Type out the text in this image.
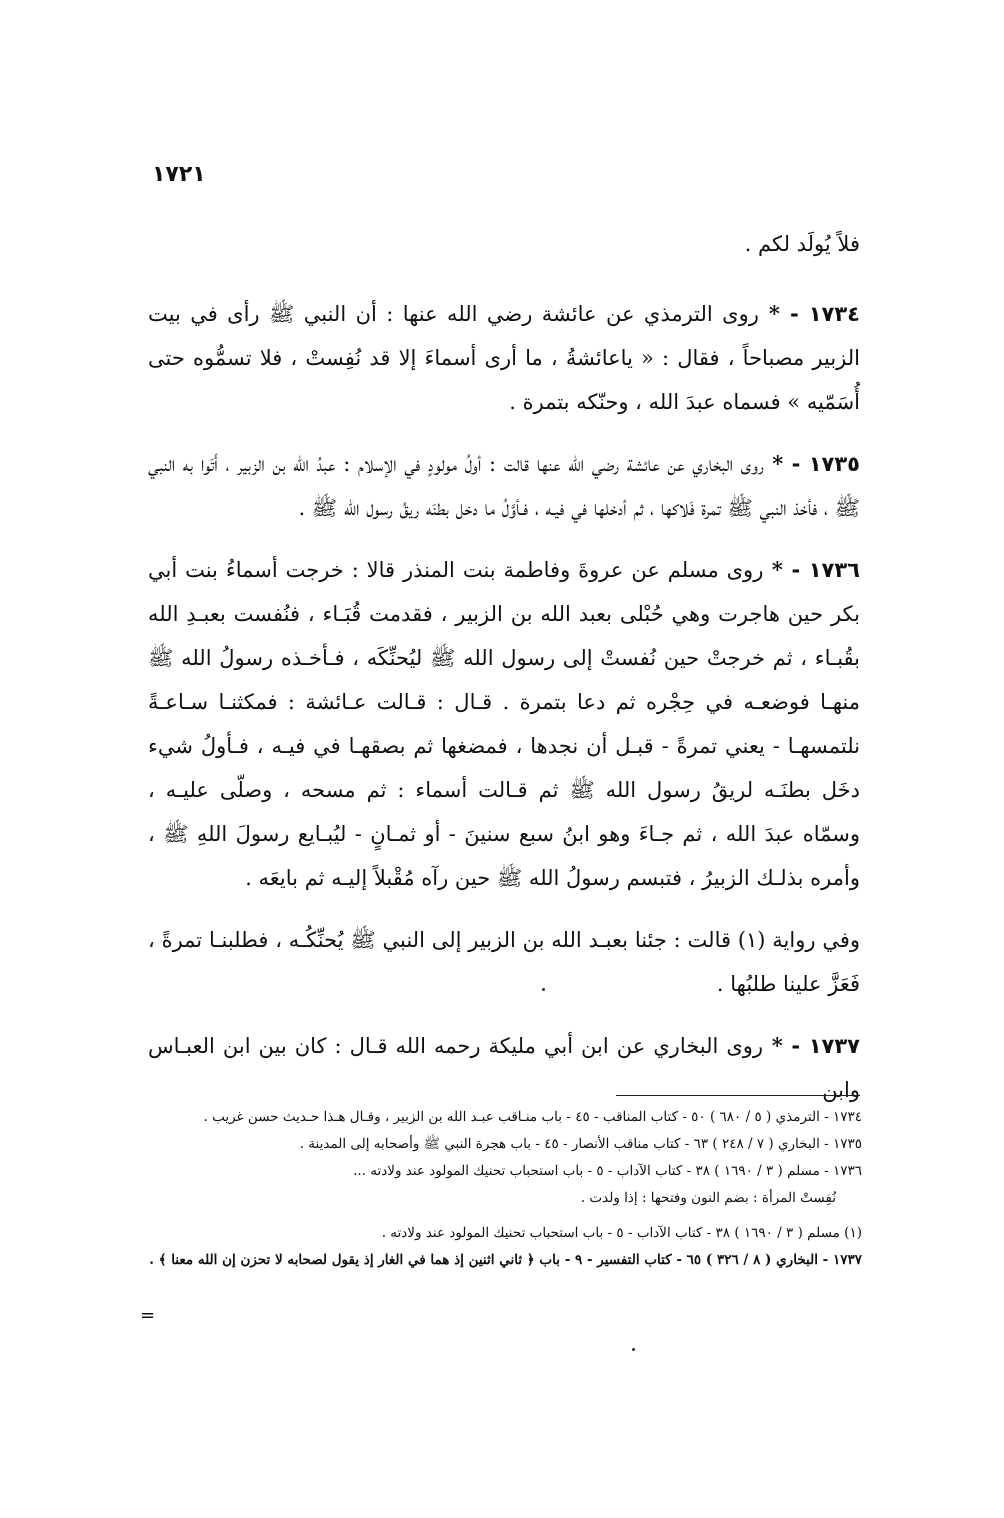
١٧٢١

فلاً يُولَد لكم .

١٧٣٤ - * روى الترمذي عن عائشة رضي الله عنها : أن النبي ﷺ رأى في بيت الزبير مصباحاً ، فقال : « ياعائشةُ ، ما أرى أسماءَ إلا قد نُفِستْ ، فلا تسمُّوه حتى أُسَمّيه » فسماه عبدَ الله ، وحنّكه بتمرة .

١٧٣٥ - * روى البخاري عن عائشة رضي الله عنها قالت : أولُ مولودٍ في الإسلام : عبدُ الله بن الزبير ، أَتَوا به النبي ﷺ ، فأخذ النبي ﷺ تمرة فَلاكها ، ثم أدخلها في فيـه ، فـأوَّلُ ما دخل بطنَه ريقُ رسول الله ﷺ .

١٧٣٦ - * روى مسلم عن عروةَ وفاطمة بنت المنذر قالا : خرجت أسماءُ بنت أبي بكر حين هاجرت وهي حُبْلى بعبد الله بن الزبير ، فقدمت قُبَـاء ، فنُفست بعبـدِ الله بقُبـاء ، ثم خرجتْ حين نُفستْ إلى رسول الله ﷺ ليُحنِّكَه ، فـأخـذه رسولُ الله ﷺ منهـا فوضعـه في حِجْره ثم دعا بتمرة . قـال : قـالت عـائشة : فمكثنـا سـاعـةً نلتمسهـا - يعني تمرةً - قبـل أن نجدها ، فمضغها ثم بصقهـا في فيـه ، فـأولُ شيء دخَل بطنَـه لريقُ رسول الله ﷺ ثم قـالت أسماء : ثم مسحه ، وصلّى عليـه ، وسمّاه عبدَ الله ، ثم جـاءَ وهو ابنُ سبع سنينَ - أو ثمـانٍ - ليُبـايع رسولَ اللهِ ﷺ ، وأمره بذلـك الزبيرُ ، فتبسم رسولُ الله ﷺ حين رآه مُقْبلاً إليـه ثم بايعَه .

وفي رواية (١) قالت : جئنا بعبـد الله بن الزبير إلى النبي ﷺ يُحنِّكُـه ، فطلبنـا تمرةً ، فَعَزَّ علينا طلبُها .

١٧٣٧ - * روى البخاري عن ابن أبي مليكة رحمه الله قـال : كان بين ابن العبـاس وابن

١٧٣٤ - الترمذي ( ٥ / ٦٨٠ ) ٥٠ - كتاب المناقب - ٤٥ - باب منـاقب عبـد الله بن الزبير ، وقـال هـذا حـديث حسن غريب .

١٧٣٥ - البخاري ( ٧ / ٢٤٨ ) ٦٣ - كتاب مناقب الأنصار - ٤٥ - باب هجرة النبي ﷺ وأصحابه إلى المدينة .

١٧٣٦ - مسلم ( ٣ / ١٦٩٠ ) ٣٨ - كتاب الآداب - ٥ - باب استحباب تحنيك المولود عند ولادته ...

نُفِستْ المرأة : بضم النون وفتحها : إذا ولدت .

(١) مسلم ( ٣ / ١٦٩٠ ) ٣٨ - كتاب الآداب - ٥ - باب استحباب تحنيك المولود عند ولادته .

١٧٣٧ - البخاري ( ٨ / ٣٢٦ ) ٦٥ - كتاب التفسير - ٩ - باب ﴿ ثاني اثنين إذ هما في الغار إذ يقول لصحابه لا تحزن إن الله معنا ﴾ .

=
